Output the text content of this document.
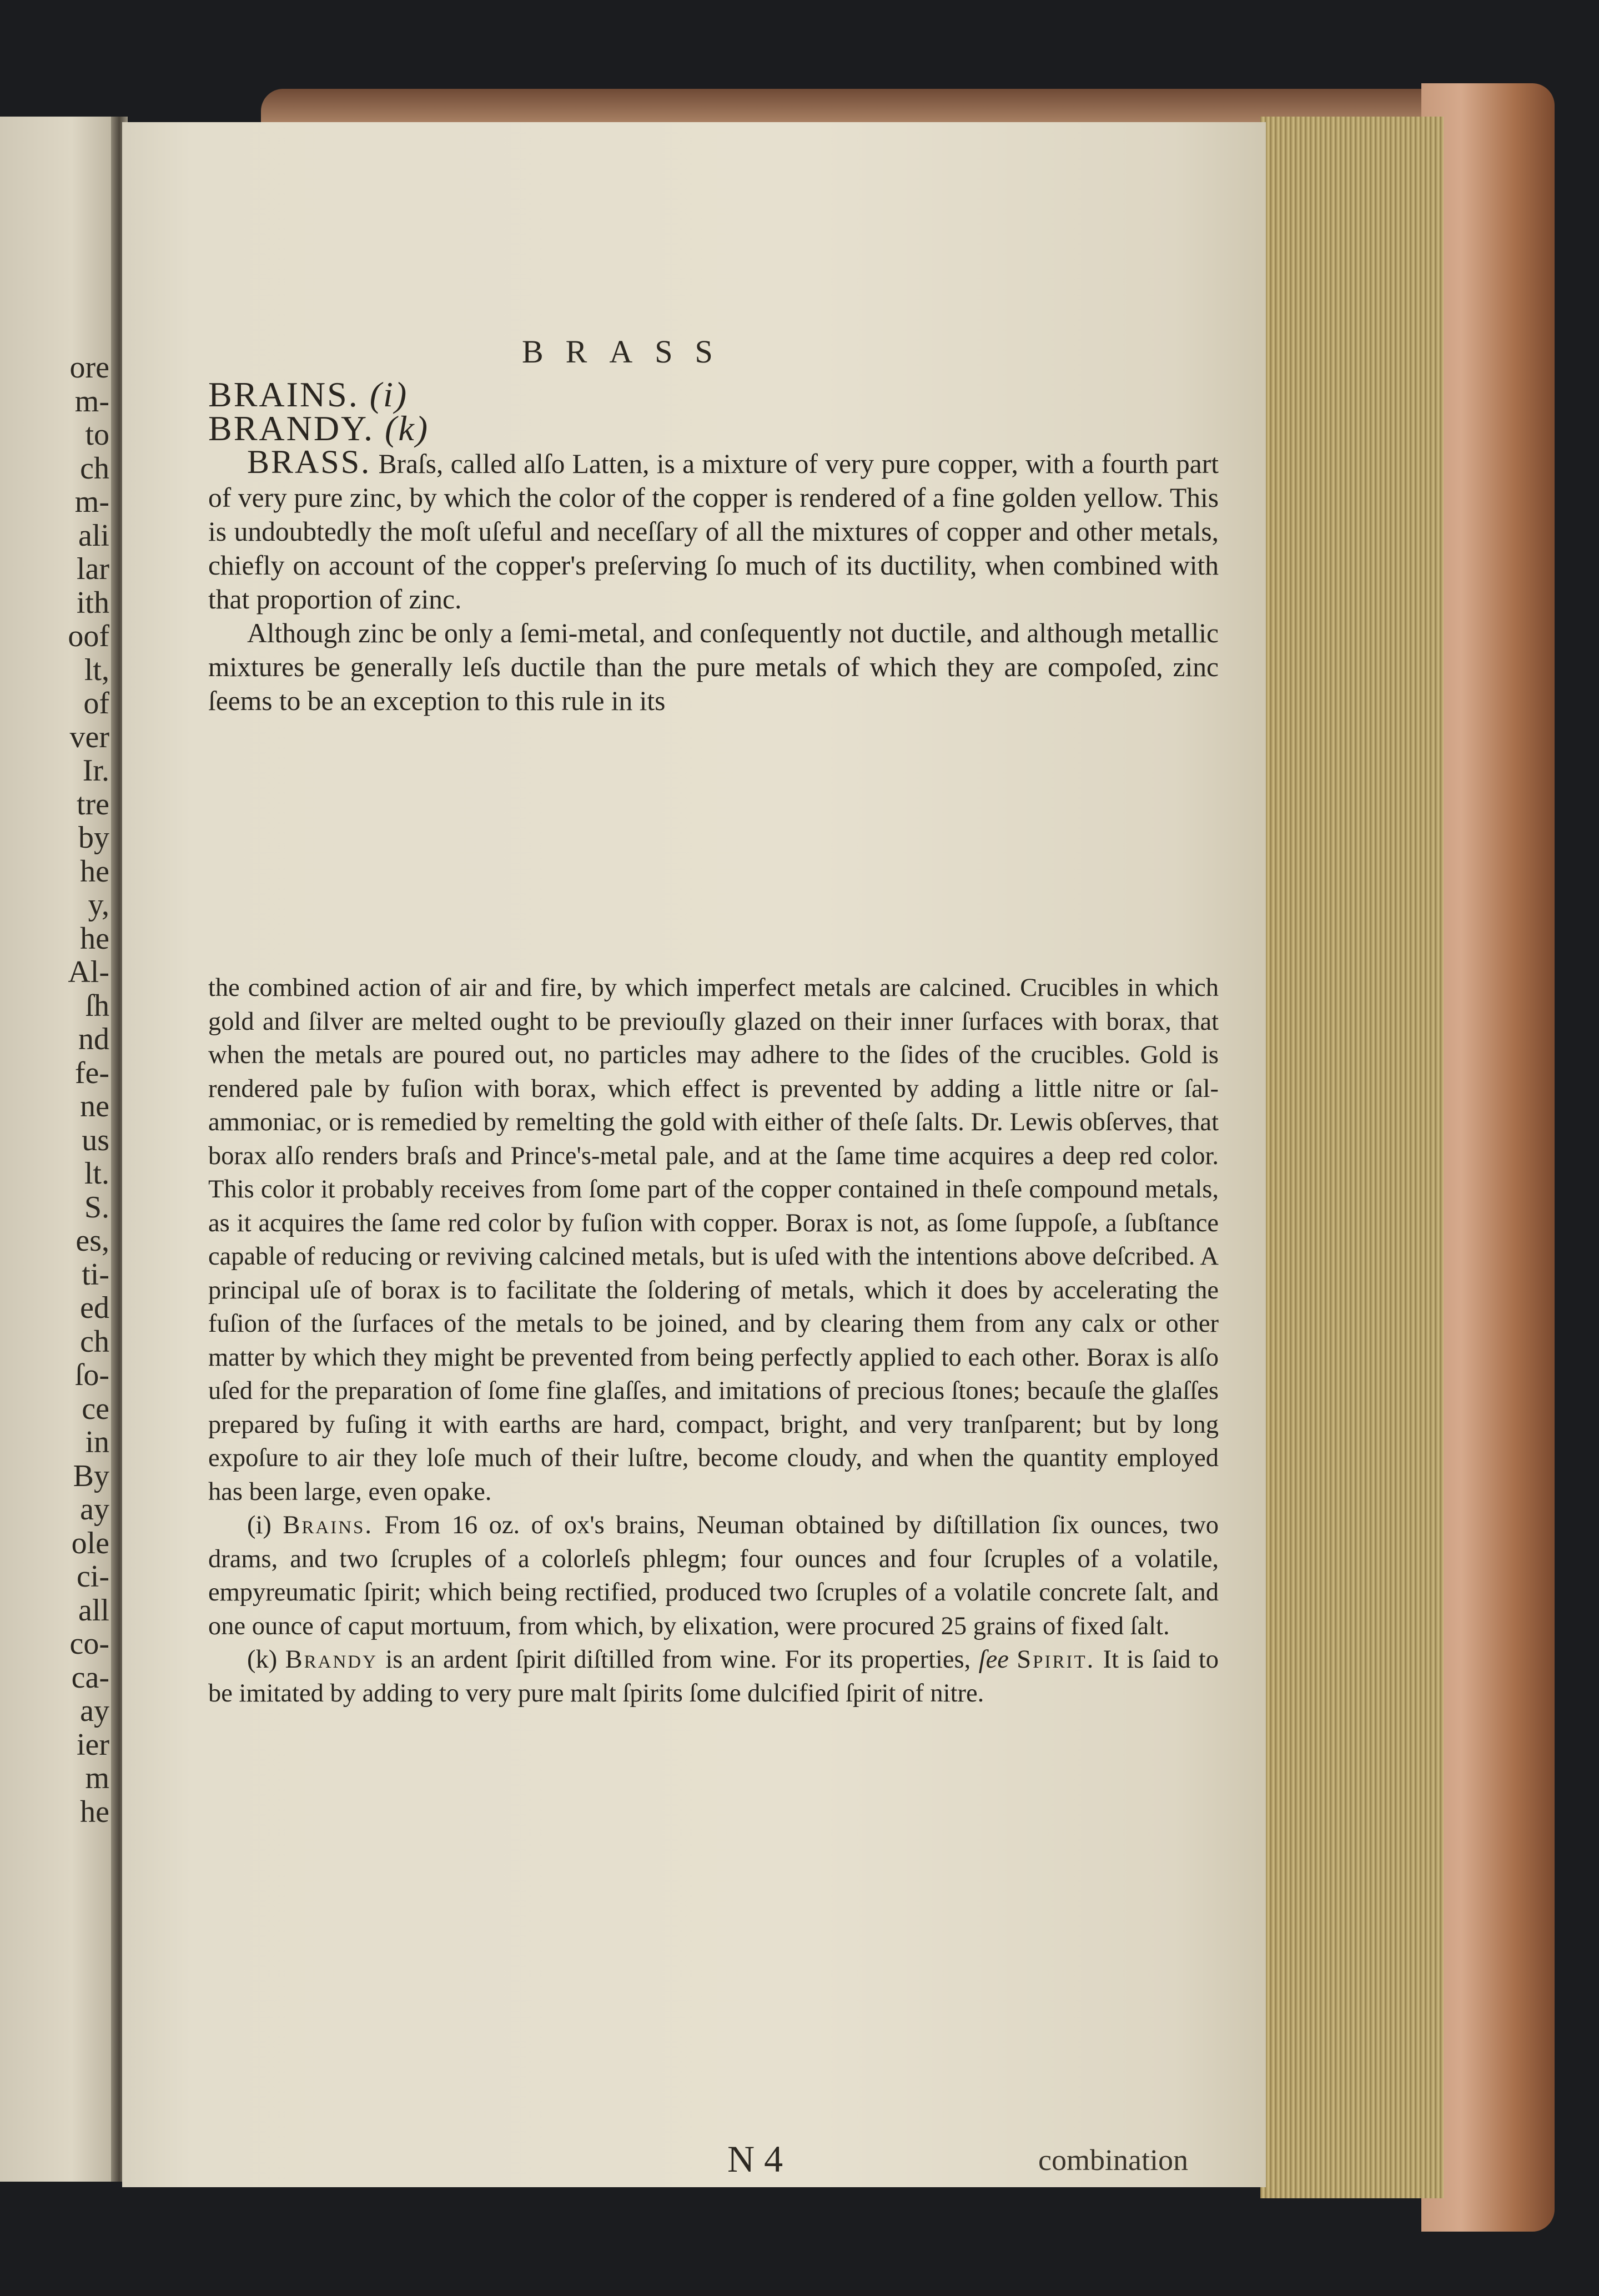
ore
m-
to
ch
m-
ali
lar
ith
oof
lt,
of
ver
Ir.
tre
by
he
y,
he
Al-
ſh
nd
fe-
ne
us
lt.
S.
es,
ti-
ed
ch
ſo-
ce
in
By
ay
ole
ci-
all
co-
ca-
ay
ier
m
he
BRASS

BRAINS. (i)

BRANDY. (k)

BRASS. Braſs, called alſo Latten, is a mixture of very pure copper, with a fourth part of very pure zinc, by which the color of the copper is rendered of a fine golden yellow. This is undoubtedly the moſt uſeful and neceſſary of all the mixtures of copper and other metals, chiefly on account of the copper's preſerving ſo much of its ductility, when combined with that proportion of zinc.

Although zinc be only a ſemi-metal, and conſequently not ductile, and although metallic mixtures be generally leſs ductile than the pure metals of which they are compoſed, zinc ſeems to be an exception to this rule in its

the combined action of air and fire, by which imperfect metals are calcined. Crucibles in which gold and ſilver are melted ought to be previouſly glazed on their inner ſurfaces with borax, that when the metals are poured out, no particles may adhere to the ſides of the crucibles. Gold is rendered pale by fuſion with borax, which effect is prevented by adding a little nitre or ſal-ammoniac, or is remedied by remelting the gold with either of theſe ſalts. Dr. Lewis obſerves, that borax alſo renders braſs and Prince's-metal pale, and at the ſame time acquires a deep red color. This color it probably receives from ſome part of the copper contained in theſe compound metals, as it acquires the ſame red color by fuſion with copper. Borax is not, as ſome ſuppoſe, a ſubſtance capable of reducing or reviving calcined metals, but is uſed with the intentions above deſcribed. A principal uſe of borax is to facilitate the ſoldering of metals, which it does by accelerating the fuſion of the ſurfaces of the metals to be joined, and by clearing them from any calx or other matter by which they might be prevented from being perfectly applied to each other. Borax is alſo uſed for the preparation of ſome fine glaſſes, and imitations of precious ſtones; becauſe the glaſſes prepared by fuſing it with earths are hard, compact, bright, and very tranſparent; but by long expoſure to air they loſe much of their luſtre, become cloudy, and when the quantity employed has been large, even opake.

(i) Brains. From 16 oz. of ox's brains, Neuman obtained by diſtillation ſix ounces, two drams, and two ſcruples of a colorleſs phlegm; four ounces and four ſcruples of a volatile, empyreumatic ſpirit; which being rectified, produced two ſcruples of a volatile concrete ſalt, and one ounce of caput mortuum, from which, by elixation, were procured 25 grains of fixed ſalt.

(k) Brandy is an ardent ſpirit diſtilled from wine. For its properties, ſee Spirit. It is ſaid to be imitated by adding to very pure malt ſpirits ſome dulcified ſpirit of nitre.

N 4	combination
